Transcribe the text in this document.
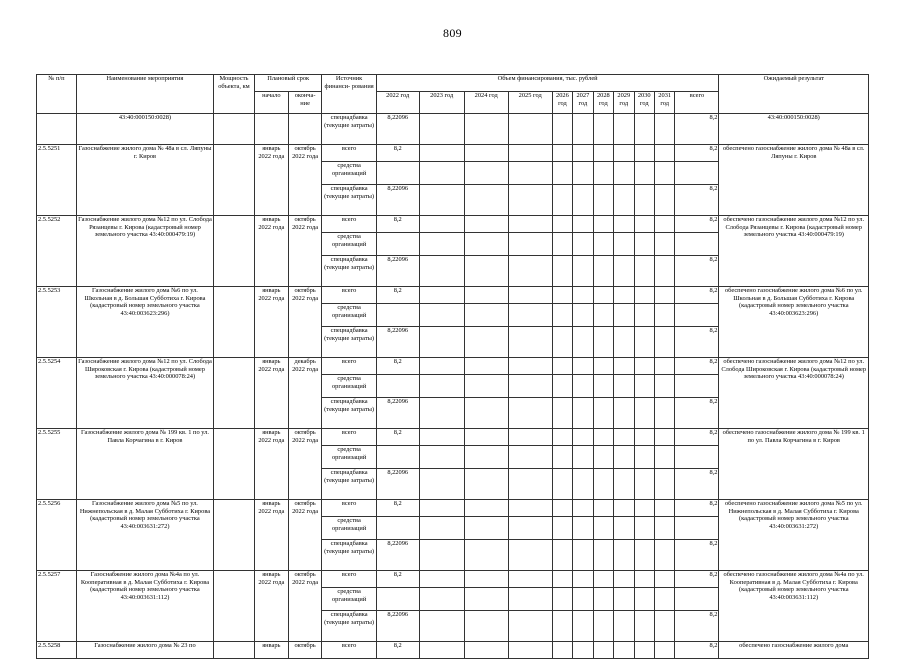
809
№ п/п	Наименование мероприятия	Мощность объекта, км	Плановый срок		Источник финанси- рования	Объем финансирования, тыс. рублей											Ожидаемый результат
			начало	оконча- ние		2022 год	2023 год	2024 год	2025 год	2026 год	2027 год	2028 год	2029 год	2030 год	2031 год	всего	
	43:40:000150:0028)				спецнадбавка (текущие затраты)	8,22096										8,2	43:40:000150:0028)
2.5.5251	Газоснабжение жилого дома № 48а в сл. Ляпуны г. Киров		январь 2022 года	октябрь 2022 года	всего	8,2										8,2	обеспечено газоснабжение жилого дома № 48а в сл. Ляпуны г. Киров
					средства организаций												
					спецнадбавка (текущие затраты)	8,22096										8,2	
2.5.5252	Газоснабжение жилого дома №12 по ул. Слобода Рязанцевы г. Кирова (кадастровый номер земельного участка 43:40:000479:19)		январь 2022 года	октябрь 2022 года	всего	8,2										8,2	обеспечено газоснабжение жилого дома №12 по ул. Слобода Рязанцевы г. Кирова (кадастровый номер земельного участка 43:40:000479:19)
					средства организаций												
					спецнадбавка (текущие затраты)	8,22096										8,2	
2.5.5253	Газоснабжение жилого дома №6 по ул. Школьная в д. Большая Субботиха г. Кирова (кадастровый номер земельного участка 43:40:003623:296)		январь 2022 года	октябрь 2022 года	всего	8,2										8,2	обеспечено газоснабжение жилого дома №6 по ул. Школьная в д. Большая Субботиха г. Кирова (кадастровый номер земельного участка 43:40:003623:296)
					средства организаций												
					спецнадбавка (текущие затраты)	8,22096										8,2	
2.5.5254	Газоснабжение жилого дома №12 по ул. Слобода Широковская г. Кирова (кадастровый номер земельного участка 43:40:000078:24)		январь 2022 года	декабрь 2022 года	всего	8,2										8,2	обеспечено газоснабжение жилого дома №12 по ул. Слобода Широковская г. Кирова (кадастровый номер земельного участка 43:40:000078:24)
					средства организаций												
					спецнадбавка (текущие затраты)	8,22096										8,2	
2.5.5255	Газоснабжение жилого дома № 199 кв. 1 по ул. Павла Корчагина в г. Киров		январь 2022 года	октябрь 2022 года	всего	8,2										8,2	обеспечено газоснабжение жилого дома № 199 кв. 1 по ул. Павла Корчагина в г. Киров
					средства организаций												
					спецнадбавка (текущие затраты)	8,22096										8,2	
2.5.5256	Газоснабжение жилого дома №5 по ул. Нижнепольская в д. Малая Субботиха г. Кирова (кадастровый номер земельного участка 43:40:003631:272)		январь 2022 года	октябрь 2022 года	всего	8,2										8,2	обеспечено газоснабжение жилого дома №5 по ул. Нижнепольская в д. Малая Субботиха г. Кирова (кадастровый номер земельного участка 43:40:003631:272)
					средства организаций												
					спецнадбавка (текущие затраты)	8,22096										8,2	
2.5.5257	Газоснабжение жилого дома №4а по ул. Кооперативная в д. Малая Субботиха г. Кирова (кадастровый номер земельного участка 43:40:003631:112)		январь 2022 года	октябрь 2022 года	всего	8,2										8,2	обеспечено газоснабжение жилого дома №4а по ул. Кооперативная в д. Малая Субботиха г. Кирова (кадастровый номер земельного участка 43:40:003631:112)
					средства организаций												
					спецнадбавка (текущие затраты)	8,22096										8,2	
2.5.5258	Газоснабжение жилого дома № 23 по		январь	октябрь	всего	8,2										8,2	обеспечено газоснабжение жилого дома
